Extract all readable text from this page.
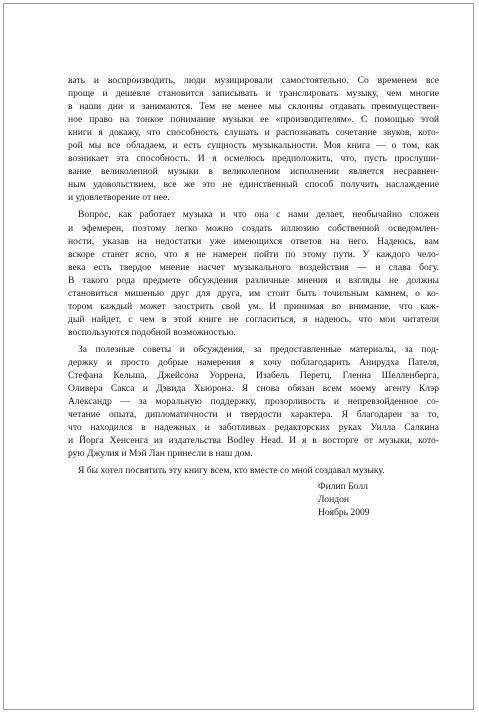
вать и воспроизводить, люди музицировали самостоятельно. Со временем все
проще и дешевле становится записывать и транслировать музыку, чем многие
в наши дни и занимаются. Тем не менее мы склонны отдавать преимуществен-
ное право на тонкое понимание музыки ее «производителям». С помощью этой
книги я докажу, что способность слушать и распознавать сочетание звуков, кото-
рой мы все обладаем, и есть сущность музыкальности. Моя книга — о том, как
возникает эта способность. И я осмелюсь предположить, что, пусть прослуши-
вание великолепной музыки в великолепном исполнении является несравнен-
ным удовольствием, все же это не единственный способ получить наслаждение
и удовлетворение от нее.

Вопрос, как работает музыка и что она с нами делает, необычайно сложен
и эфемерен, поэтому легко можно создать иллюзию собственной осведомлен-
ности, указав на недостатки уже имеющихся ответов на него. Надеюсь, вам
вскоре станет ясно, что я не намерен пойти по этому пути. У каждого чело-
века есть твердое мнение насчет музыкального воздействия — и слава богу.
В такого рода предмете обсуждения различные мнения и взгляды не должны
становиться мишенью друг для друга, им стоит быть точильным камнем, о ко-
тором каждый может заострить свой ум. И принимая во внимание, что каж-
дый найдет, с чем в этой книге не согласиться, я надеюсь, что мои читатели
воспользуются подобной возможностью.

За полезные советы и обсуждения, за предоставленные материалы, за под-
держку и просто добрые намерения я хочу поблагодарить Анирудха Пателя,
Стефана Кельша, Джейсона Уоррена, Изабель Перетц, Гленна Шелленберга,
Оливера Сакса и Дэвида Хьюрона. Я снова обязан всем моему агенту Клэр
Александр — за моральную поддержку, прозорливость и непревзойденное со-
четание опыта, дипломатичности и твердости характера. Я благодарен за то,
что находился в надежных и заботливых редакторских руках Уилла Салкина
и Йорга Хенсенга из издательства Bodley Head. И я в восторге от музыки, кото-
рую Джулия и Мэй Лан принесли в наш дом.

Я бы хотел посвятить эту книгу всем, кто вместе со мной создавал музыку.

Филип Болл
Лондон
Ноябрь 2009
